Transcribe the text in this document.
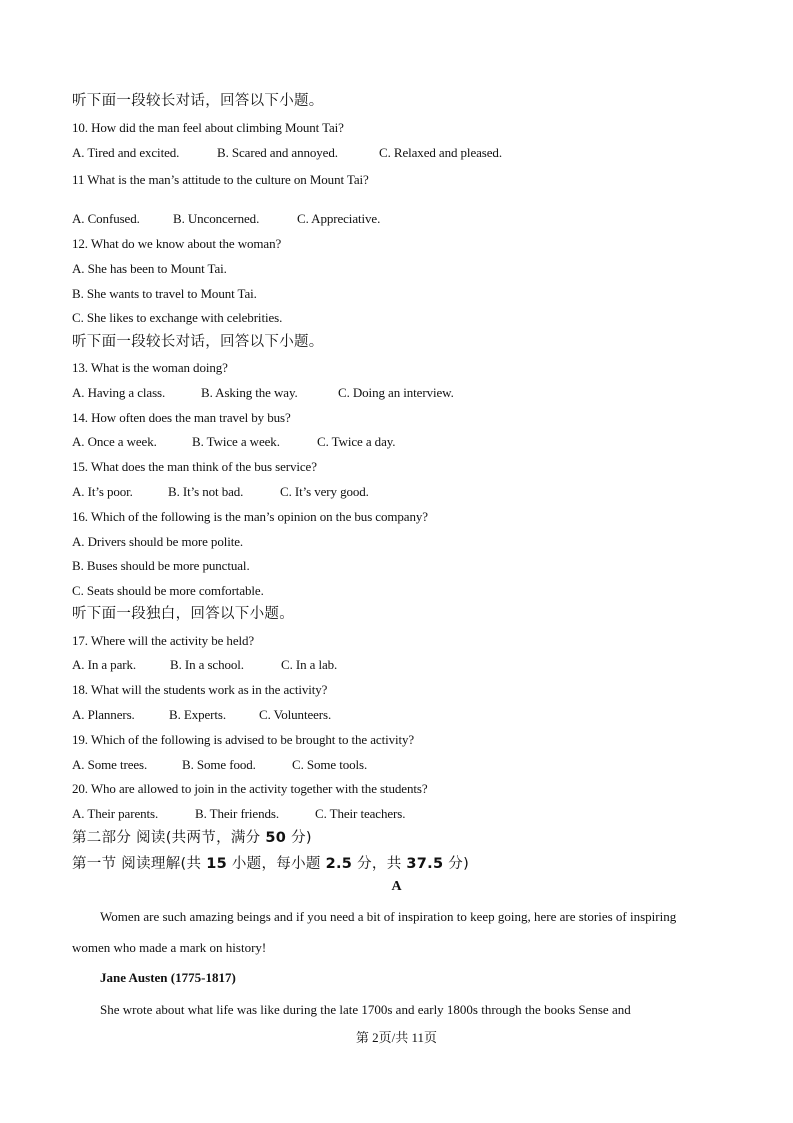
听下面一段较长对话，回答以下小题。
10. How did the man feel about climbing Mount Tai?
A. Tired and excited.	B. Scared and annoyed.	C. Relaxed and pleased.
11 What is the man’s attitude to the culture on Mount Tai?
A. Confused.	B. Unconcerned.	C. Appreciative.
12. What do we know about the woman?
A. She has been to Mount Tai.
B. She wants to travel to Mount Tai.
C. She likes to exchange with celebrities.
听下面一段较长对话，回答以下小题。
13. What is the woman doing?
A. Having a class.	B. Asking the way.	C. Doing an interview.
14. How often does the man travel by bus?
A. Once a week.	B. Twice a week.	C. Twice a day.
15. What does the man think of the bus service?
A. It’s poor.	B. It’s not bad.	C. It’s very good.
16. Which of the following is the man’s opinion on the bus company?
A. Drivers should be more polite.
B. Buses should be more punctual.
C. Seats should be more comfortable.
听下面一段独白，回答以下小题。
17. Where will the activity be held?
A. In a park.	B. In a school.	C. In a lab.
18. What will the students work as in the activity?
A. Planners.	B. Experts.	C. Volunteers.
19. Which of the following is advised to be brought to the activity?
A. Some trees.	B. Some food.	C. Some tools.
20. Who are allowed to join in the activity together with the students?
A. Their parents.	B. Their friends.	C. Their teachers.
第二部分 阅读(共两节，满分 50 分)
第一节 阅读理解(共 15 小题，每小题 2.5 分，共 37.5 分)
A
Women are such amazing beings and if you need a bit of inspiration to keep going, here are stories of inspiring
women who made a mark on history!
Jane Austen (1775-1817)
She wrote about what life was like during the late 1700s and early 1800s through the books Sense and
第 2页/共 11页
